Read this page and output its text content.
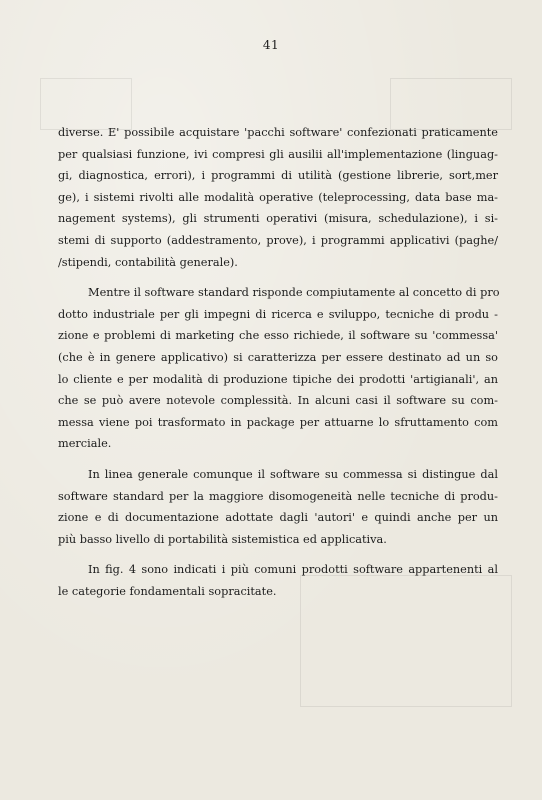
41
diverse. E' possibile acquistare 'pacchi software' confezionati praticamente
per qualsiasi funzione, ivi compresi gli ausilii all'implementazione (linguag-
gi, diagnostica, errori), i programmi di utilità (gestione librerie, sort,mer
ge), i sistemi rivolti alle modalità operative (teleprocessing, data base ma-
nagement systems), gli strumenti operativi (misura, schedulazione), i si-
stemi di supporto (addestramento, prove), i programmi applicativi (paghe/
/stipendi, contabilità generale).
Mentre il software standard risponde compiutamente al concetto di pro
dotto industriale per gli impegni di ricerca e sviluppo, tecniche di produ -
zione e problemi di marketing che esso richiede, il software su 'commessa'
(che è in genere applicativo) si caratterizza per essere destinato ad un so
lo cliente e per modalità di produzione tipiche dei prodotti 'artigianali', an
che se può avere notevole complessità. In alcuni casi il software su com-
messa viene poi trasformato in package per attuarne lo sfruttamento com
merciale.
In linea generale comunque il software su commessa si distingue dal
software standard per la maggiore disomogeneità nelle tecniche di produ-
zione e di documentazione adottate dagli 'autori' e quindi anche per un
più basso livello di portabilità sistemistica ed applicativa.
In fig. 4 sono indicati i più comuni prodotti software appartenenti al
le categorie fondamentali sopracitate.
